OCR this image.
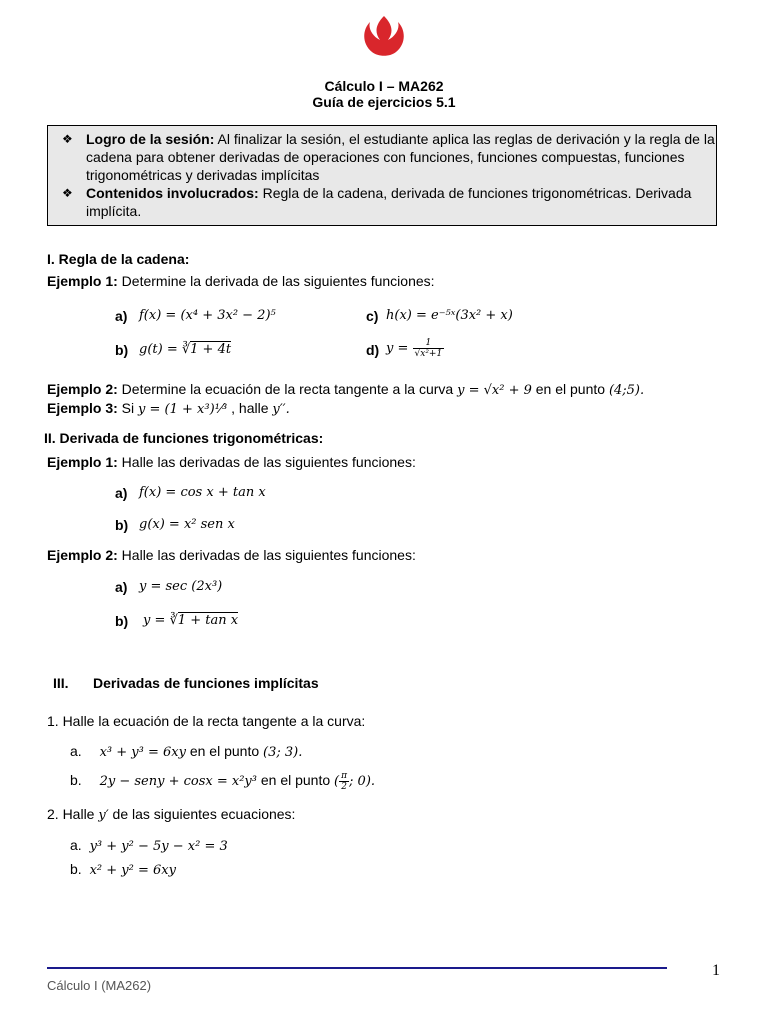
Cálculo I – MA262
Guía de ejercicios 5.1
❖ Logro de la sesión: Al finalizar la sesión, el estudiante aplica las reglas de derivación y la regla de la cadena para obtener derivadas de operaciones con funciones, funciones compuestas, funciones trigonométricas y derivadas implícitas
❖ Contenidos involucrados: Regla de la cadena, derivada de funciones trigonométricas. Derivada implícita.
I. Regla de la cadena:
Ejemplo 1: Determine la derivada de las siguientes funciones:
a) f(x) = (x⁴ + 3x² − 2)⁵	c) h(x) = e⁻⁵ˣ(3x² + x)
b) g(t) = ∛1 + 4t	d) $y = \frac{1}{\text{√x²+1}}$
Ejemplo 2: Determine la ecuación de la recta tangente a la curva y = √x² + 9 en el punto (4;5).
Ejemplo 3: Si y = (1 + x³)¹⁄³ , halle y′′.
II. Derivada de funciones trigonométricas:
Ejemplo 1: Halle las derivadas de las siguientes funciones:
a) f(x) = cos x + tan x
b) g(x) = x² sen x
Ejemplo 2: Halle las derivadas de las siguientes funciones:
a) y = sec (2x³)
b) y = ∛1 + tan x
III. Derivadas de funciones implícitas
1. Halle la ecuación de la recta tangente a la curva:
a. x³ + y³ = 6xy en el punto (3; 3).
b. 2y − seny + cosx = x²y³ en el punto ( $\frac{\pi}{2}$ ; 0).
2. Halle y′ de las siguientes ecuaciones:
a. y³ + y² − 5y − x² = 3
b. x² + y² = 6xy
1
Cálculo I (MA262)
